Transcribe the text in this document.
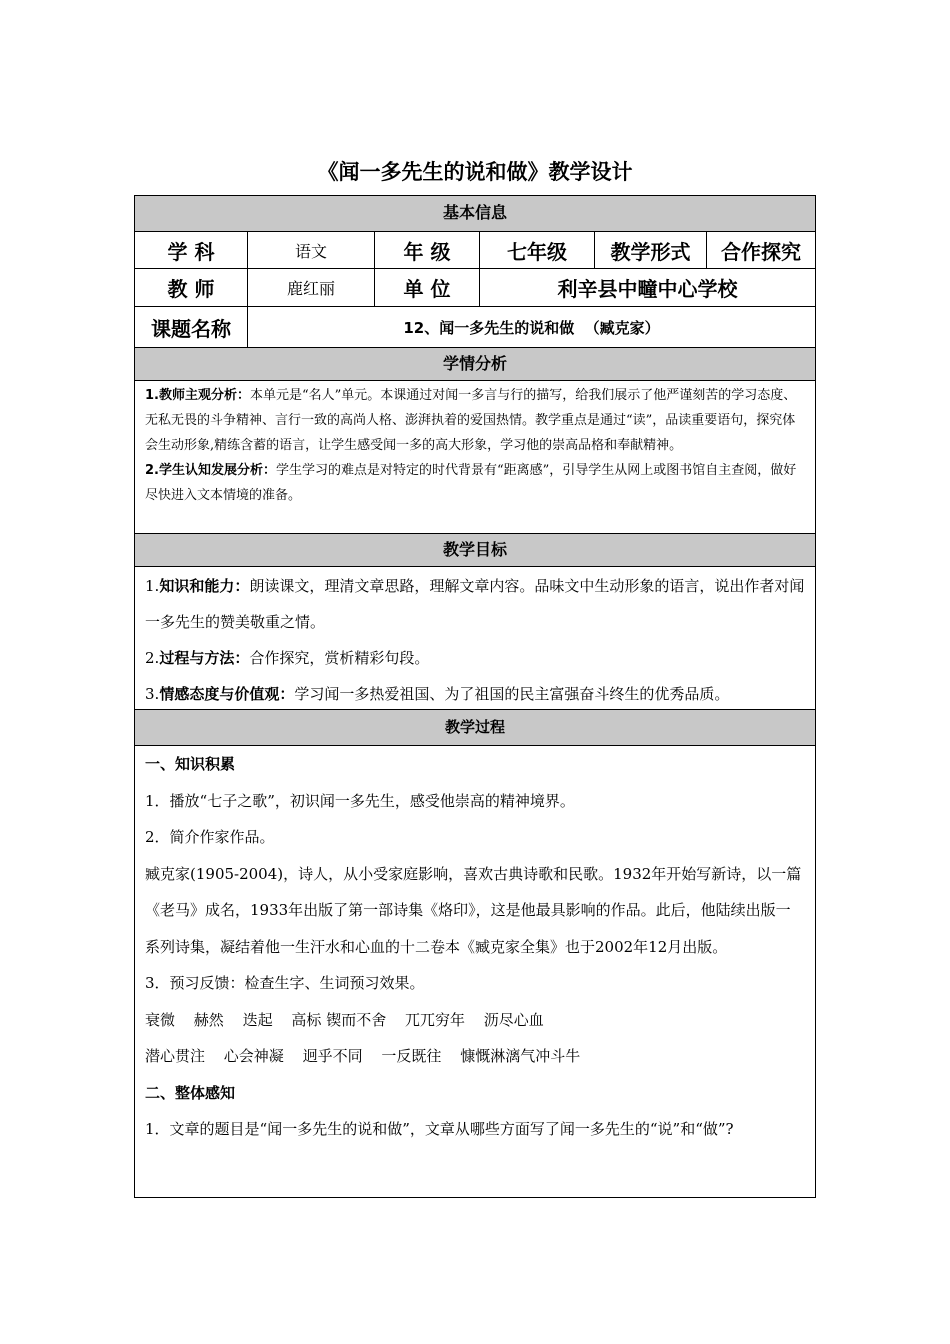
《闻一多先生的说和做》教学设计
基本信息
学 科	语文	年 级	七年级	教学形式	合作探究
教 师	鹿红丽	单 位	利辛县中疃中心学校
课题名称	12、闻一多先生的说和做  （臧克家）
学情分析
1.教师主观分析：本单元是“名人”单元。本课通过对闻一多言与行的描写，给我们展示了他严谨刻苦的学习态度、无私无畏的斗争精神、言行一致的高尚人格、澎湃执着的爱国热情。教学重点是通过“读”，品读重要语句，探究体会生动形象,精练含蓄的语言，让学生感受闻一多的高大形象，学习他的崇高品格和奉献精神。
2.学生认知发展分析：学生学习的难点是对特定的时代背景有“距离感”，引导学生从网上或图书馆自主查阅，做好尽快进入文本情境的准备。
教学目标
1.知识和能力：朗读课文，理清文章思路，理解文章内容。品味文中生动形象的语言，说出作者对闻一多先生的赞美敬重之情。
2.过程与方法：合作探究，赏析精彩句段。
3.情感态度与价值观：学习闻一多热爱祖国、为了祖国的民主富强奋斗终生的优秀品质。
教学过程
一、知识积累
1．播放“七子之歌”，初识闻一多先生，感受他崇高的精神境界。
2．简介作家作品。
臧克家(1905-2004)，诗人，从小受家庭影响，喜欢古典诗歌和民歌。1932年开始写新诗，以一篇《老马》成名，1933年出版了第一部诗集《烙印》，这是他最具影响的作品。此后，他陆续出版一系列诗集，凝结着他一生汗水和心血的十二卷本《臧克家全集》也于2002年12月出版。
3．预习反馈：检查生字、生词预习效果。
衰微 赫然 迭起 高标 锲而不舍 兀兀穷年 沥尽心血
潜心贯注 心会神凝 迥乎不同 一反既往 慷慨淋漓气冲斗牛
二、整体感知
1．文章的题目是“闻一多先生的说和做”，文章从哪些方面写了闻一多先生的“说”和“做”?
